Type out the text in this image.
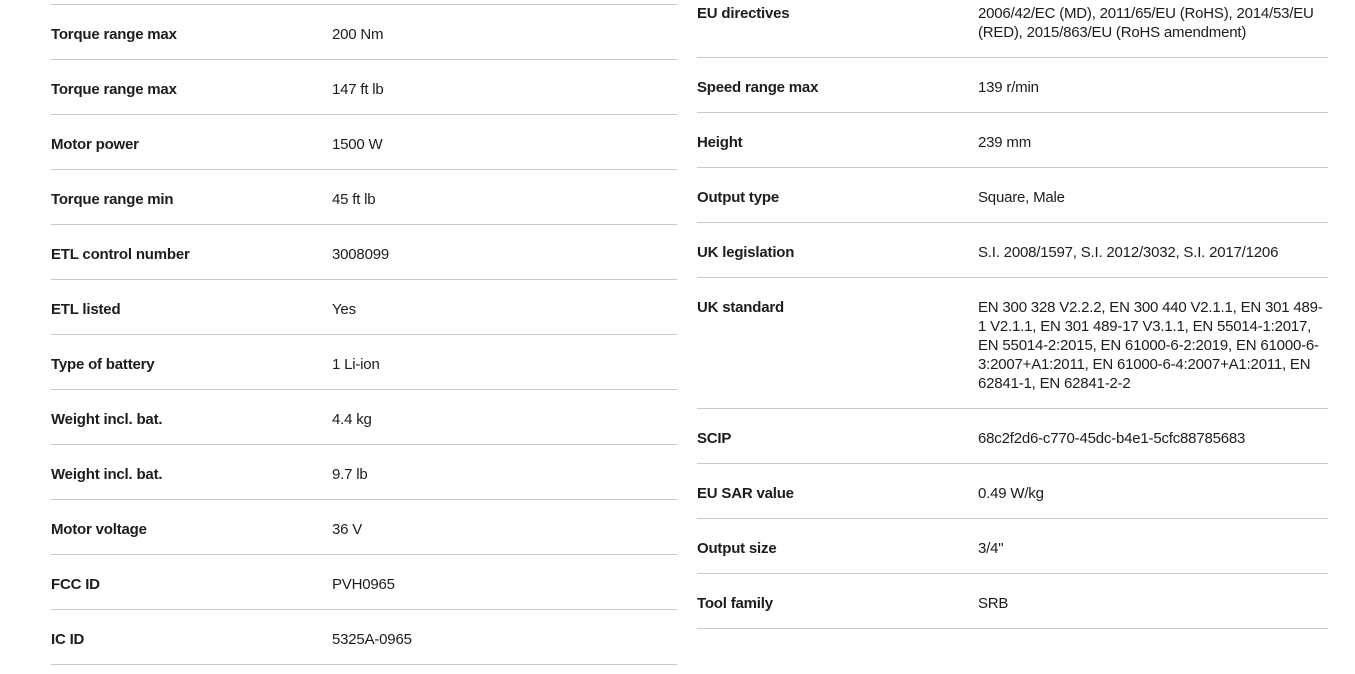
Torque range max	200 Nm
Torque range max	147 ft lb
Motor power	1500 W
Torque range min	45 ft lb
ETL control number	3008099
ETL listed	Yes
Type of battery	1 Li-ion
Weight incl. bat.	4.4 kg
Weight incl. bat.	9.7 lb
Motor voltage	36 V
FCC ID	PVH0965
IC ID	5325A-0965
EU directives	2006/42/EC (MD), 2011/65/EU (RoHS), 2014/53/EU (RED), 2015/863/EU (RoHS amendment)
Speed range max	139 r/min
Height	239 mm
Output type	Square, Male
UK legislation	S.I. 2008/1597, S.I. 2012/3032, S.I. 2017/1206
UK standard	EN 300 328 V2.2.2, EN 300 440 V2.1.1, EN 301 489-1 V2.1.1, EN 301 489-17 V3.1.1, EN 55014-1:2017, EN 55014-2:2015, EN 61000-6-2:2019, EN 61000-6-3:2007+A1:2011, EN 61000-6-4:2007+A1:2011, EN 62841-1, EN 62841-2-2
SCIP	68c2f2d6-c770-45dc-b4e1-5cfc88785683
EU SAR value	0.49 W/kg
Output size	3/4"
Tool family	SRB
